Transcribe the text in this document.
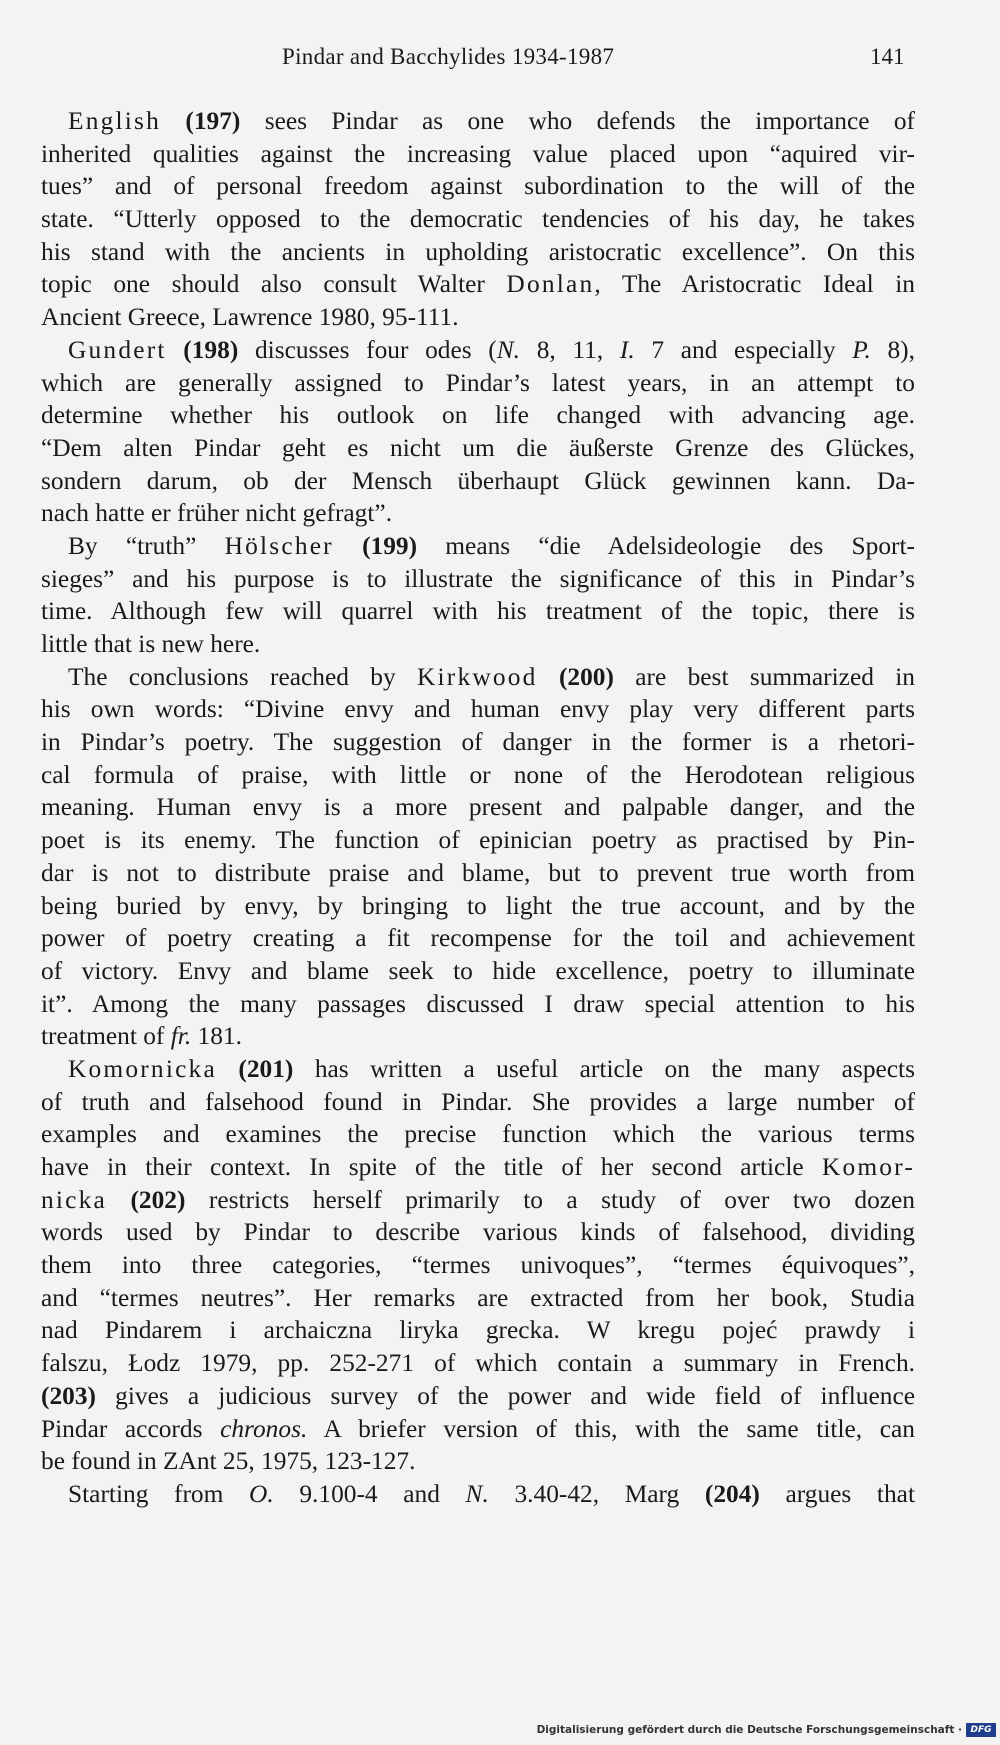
Pindar and Bacchylides 1934-1987	141
English (197) sees Pindar as one who defends the importance of
inherited qualities against the increasing value placed upon “aquired vir-
tues” and of personal freedom against subordination to the will of the
state. “Utterly opposed to the democratic tendencies of his day, he takes
his stand with the ancients in upholding aristocratic excellence”. On this
topic one should also consult Walter Donlan, The Aristocratic Ideal in
Ancient Greece, Lawrence 1980, 95-111.
Gundert (198) discusses four odes (N. 8, 11, I. 7 and especially P. 8),
which are generally assigned to Pindar’s latest years, in an attempt to
determine whether his outlook on life changed with advancing age.
“Dem alten Pindar geht es nicht um die äußerste Grenze des Glückes,
sondern darum, ob der Mensch überhaupt Glück gewinnen kann. Da-
nach hatte er früher nicht gefragt”.
By “truth” Hölscher (199) means “die Adelsideologie des Sport-
sieges” and his purpose is to illustrate the significance of this in Pindar’s
time. Although few will quarrel with his treatment of the topic, there is
little that is new here.
The conclusions reached by Kirkwood (200) are best summarized in
his own words: “Divine envy and human envy play very different parts
in Pindar’s poetry. The suggestion of danger in the former is a rhetori-
cal formula of praise, with little or none of the Herodotean religious
meaning. Human envy is a more present and palpable danger, and the
poet is its enemy. The function of epinician poetry as practised by Pin-
dar is not to distribute praise and blame, but to prevent true worth from
being buried by envy, by bringing to light the true account, and by the
power of poetry creating a fit recompense for the toil and achievement
of victory. Envy and blame seek to hide excellence, poetry to illuminate
it”. Among the many passages discussed I draw special attention to his
treatment of fr. 181.
Komornicka (201) has written a useful article on the many aspects
of truth and falsehood found in Pindar. She provides a large number of
examples and examines the precise function which the various terms
have in their context. In spite of the title of her second article Komor-
nicka (202) restricts herself primarily to a study of over two dozen
words used by Pindar to describe various kinds of falsehood, dividing
them into three categories, “termes univoques”, “termes équivoques”,
and “termes neutres”. Her remarks are extracted from her book, Studia
nad Pindarem i archaiczna liryka grecka. W kregu pojeć prawdy i
falszu, Łodz 1979, pp. 252-271 of which contain a summary in French.
(203) gives a judicious survey of the power and wide field of influence
Pindar accords chronos. A briefer version of this, with the same title, can
be found in ZAnt 25, 1975, 123-127.
Starting from O. 9.100-4 and N. 3.40-42, Marg (204) argues that
Digitalisierung gefördert durch die Deutsche Forschungsgemeinschaft · DFG
